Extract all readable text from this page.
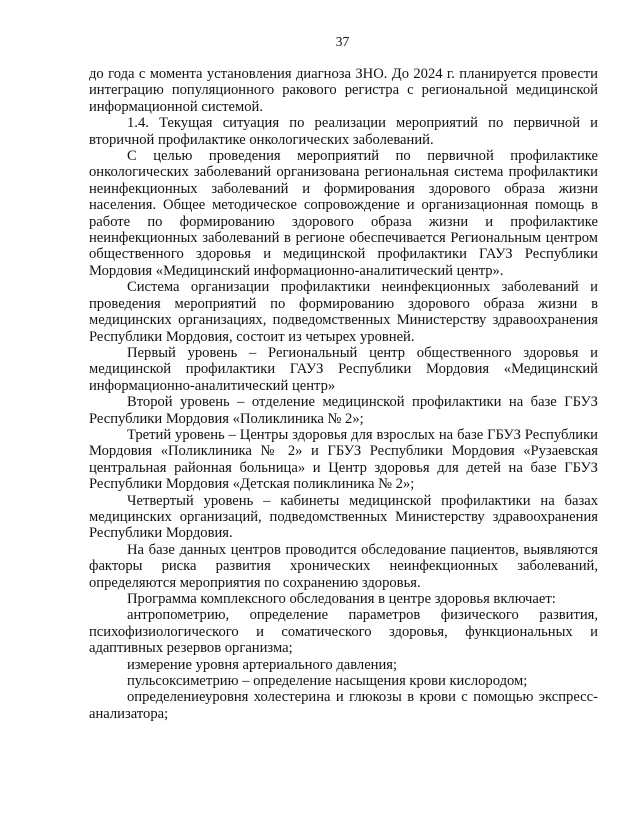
37

до года с момента установления диагноза ЗНО. До 2024 г. планируется провести интеграцию популяционного ракового регистра с региональной медицинской информационной системой.

1.4. Текущая ситуация по реализации мероприятий по первичной и вторичной профилактике онкологических заболеваний.

С целью проведения мероприятий по первичной профилактике онкологических заболеваний организована региональная система профилактики неинфекционных заболеваний и формирования здорового образа жизни населения. Общее методическое сопровождение и организационная помощь в работе по формированию здорового образа жизни и профилактике неинфекционных заболеваний в регионе обеспечивается Региональным центром общественного здоровья и медицинской профилактики ГАУЗ Республики Мордовия «Медицинский информационно-аналитический центр».

Система организации профилактики неинфекционных заболеваний и проведения мероприятий по формированию здорового образа жизни в медицинских организациях, подведомственных Министерству здравоохранения Республики Мордовия, состоит из четырех уровней.

Первый уровень – Региональный центр общественного здоровья и медицинской профилактики ГАУЗ Республики Мордовия «Медицинский информационно-аналитический центр»

Второй уровень – отделение медицинской профилактики на базе ГБУЗ Республики Мордовия «Поликлиника № 2»;

Третий уровень – Центры здоровья для взрослых на базе ГБУЗ Республики Мордовия «Поликлиника № 2» и ГБУЗ Республики Мордовия «Рузаевская центральная районная больница» и Центр здоровья для детей на базе ГБУЗ Республики Мордовия «Детская поликлиника № 2»;

Четвертый уровень – кабинеты медицинской профилактики на базах медицинских организаций, подведомственных Министерству здравоохранения Республики Мордовия.

На базе данных центров проводится обследование пациентов, выявляются факторы риска развития хронических неинфекционных заболеваний, определяются мероприятия по сохранению здоровья.

Программа комплексного обследования в центре здоровья включает:

антропометрию, определение параметров физического развития, психофизиологического и соматического здоровья, функциональных и адаптивных резервов организма;

измерение уровня артериального давления;

пульсоксиметрию – определение насыщения крови кислородом;

определениеуровня холестерина и глюкозы в крови с помощью экспресс-анализатора;
